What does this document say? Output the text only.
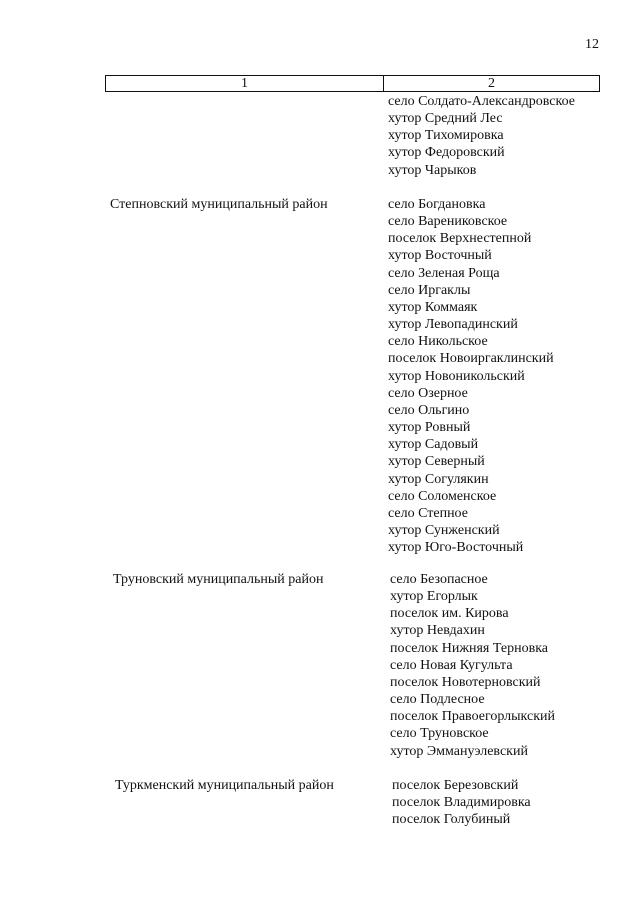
12
1	2
село Солдато-Александровское
хутор Средний Лес
хутор Тихомировка
хутор Федоровский
хутор Чарыков
Степновский муниципальный район	село Богдановка
село Варениковское
поселок Верхнестепной
хутор Восточный
село Зеленая Роща
село Иргаклы
хутор Коммаяк
хутор Левопадинский
село Никольское
поселок Новоиргаклинский
хутор Новоникольский
село Озерное
село Ольгино
хутор Ровный
хутор Садовый
хутор Северный
хутор Согулякин
село Соломенское
село Степное
хутор Сунженский
хутор Юго-Восточный
Труновский муниципальный район	село Безопасное
хутор Егорлык
поселок им. Кирова
хутор Невдахин
поселок Нижняя Терновка
село Новая Кугульта
поселок Новотерновский
село Подлесное
поселок Правоегорлыкский
село Труновское
хутор Эммануэлевский
Туркменский муниципальный район	поселок Березовский
поселок Владимировка
поселок Голубиный
